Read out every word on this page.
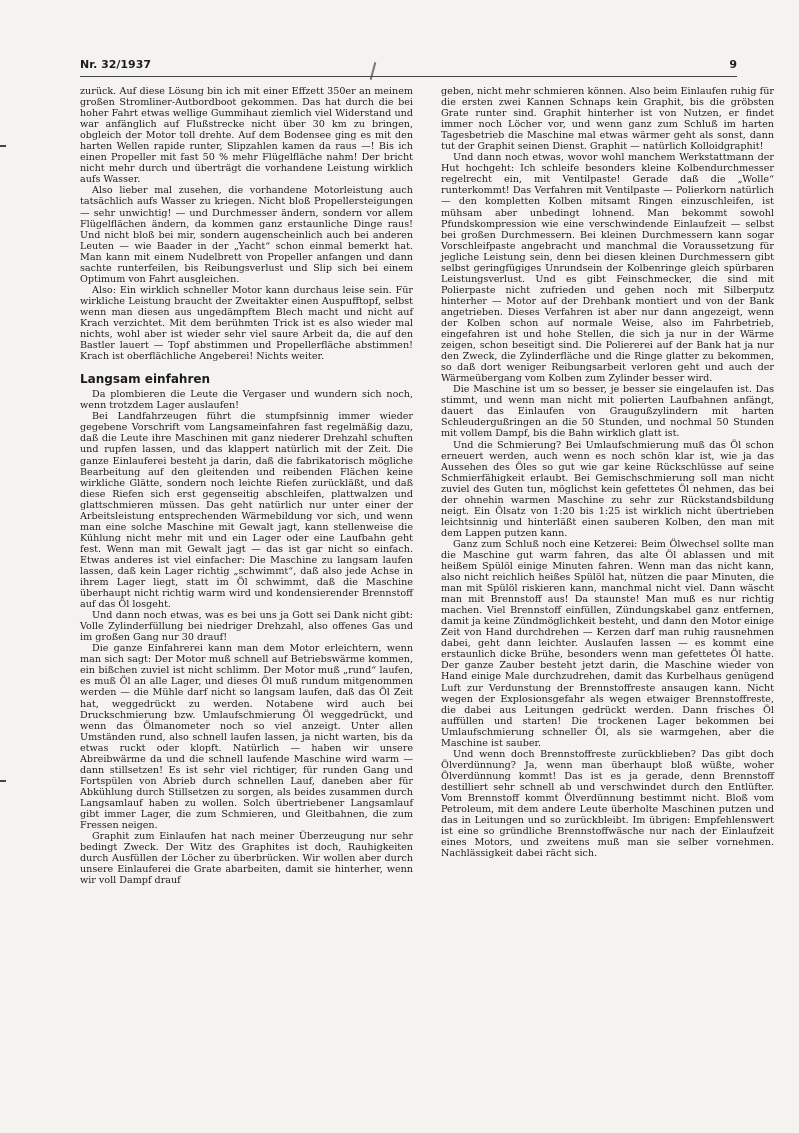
Nr. 32/1937	9

zurück. Auf diese Lösung bin ich mit einer Effzett 350er an meinem großen Stromliner-Autbordboot gekommen. Das hat durch die bei hoher Fahrt etwas wellige Gummihaut ziemlich viel Widerstand und war anfänglich auf Flußstrecke nicht über 30 km zu bringen, obgleich der Motor toll drehte. Auf dem Bodensee ging es mit den harten Wellen rapide runter, Slipzahlen kamen da raus —! Bis ich einen Propeller mit fast 50 % mehr Flügelfläche nahm! Der bricht nicht mehr durch und überträgt die vorhandene Leistung wirklich aufs Wasser.

Also lieber mal zusehen, die vorhandene Motorleistung auch tatsächlich aufs Wasser zu kriegen. Nicht bloß Propellersteigungen — sehr unwichtig! — und Durchmesser ändern, sondern vor allem Flügelflächen ändern, da kommen ganz erstaunliche Dinge raus! Und nicht bloß bei mir, sondern augenscheinlich auch bei anderen Leuten — wie Baader in der „Yacht“ schon einmal bemerkt hat. Man kann mit einem Nudelbrett von Propeller anfangen und dann sachte runterfeilen, bis Reibungsverlust und Slip sich bei einem Optimum von Fahrt ausgleichen.

Also: Ein wirklich schneller Motor kann durchaus leise sein. Für wirkliche Leistung braucht der Zweitakter einen Auspufftopf, selbst wenn man diesen aus ungedämpftem Blech macht und nicht auf Krach verzichtet. Mit dem berühmten Trick ist es also wieder mal nichts, wohl aber ist wieder sehr viel saure Arbeit da, die auf den Bastler lauert — Topf abstimmen und Propellerfläche abstimmen! Krach ist oberflächliche Angeberei! Nichts weiter.

Langsam einfahren

Da plombieren die Leute die Vergaser und wundern sich noch, wenn trotzdem Lager auslaufen!

Bei Landfahrzeugen führt die stumpfsinnig immer wieder gegebene Vorschrift vom Langsameinfahren fast regelmäßig dazu, daß die Leute ihre Maschinen mit ganz niederer Drehzahl schuften und rupfen lassen, und das klappert natürlich mit der Zeit. Die ganze Einlauferei besteht ja darin, daß die fabrikatorisch mögliche Bearbeitung auf den gleitenden und reibenden Flächen keine wirkliche Glätte, sondern noch leichte Riefen zurückläßt, und daß diese Riefen sich erst gegenseitig abschleifen, plattwalzen und glattschmieren müssen. Das geht natürlich nur unter einer der Arbeitsleistung entsprechenden Wärmebildung vor sich, und wenn man eine solche Maschine mit Gewalt jagt, kann stellenweise die Kühlung nicht mehr mit und ein Lager oder eine Laufbahn geht fest. Wenn man mit Gewalt jagt — das ist gar nicht so einfach. Etwas anderes ist viel einfacher: Die Maschine zu langsam laufen lassen, daß kein Lager richtig „schwimmt“, daß also jede Achse in ihrem Lager liegt, statt im Öl schwimmt, daß die Maschine überhaupt nicht richtig warm wird und kondensierender Brennstoff auf das Öl losgeht.

Und dann noch etwas, was es bei uns ja Gott sei Dank nicht gibt: Volle Zylinderfüllung bei niedriger Drehzahl, also offenes Gas und im großen Gang nur 30 drauf!

Die ganze Einfahrerei kann man dem Motor erleichtern, wenn man sich sagt: Der Motor muß schnell auf Betriebswärme kommen, ein bißchen zuviel ist nicht schlimm. Der Motor muß „rund“ laufen, es muß Öl an alle Lager, und dieses Öl muß rundum mitgenommen werden — die Mühle darf nicht so langsam laufen, daß das Öl Zeit hat, weggedrückt zu werden. Notabene wird auch bei Druckschmierung bzw. Umlaufschmierung Öl weggedrückt, und wenn das Ölmanometer noch so viel anzeigt. Unter allen Umständen rund, also schnell laufen lassen, ja nicht warten, bis da etwas ruckt oder klopft. Natürlich — haben wir unsere Abreibwärme da und die schnell laufende Maschine wird warm — dann stillsetzen! Es ist sehr viel richtiger, für runden Gang und Fortspülen von Abrieb durch schnellen Lauf, daneben aber für Abkühlung durch Stillsetzen zu sorgen, als beides zusammen durch Langsamlauf haben zu wollen. Solch übertriebener Langsamlauf gibt immer Lager, die zum Schmieren, und Gleitbahnen, die zum Fressen neigen.

Graphit zum Einlaufen hat nach meiner Überzeugung nur sehr bedingt Zweck. Der Witz des Graphites ist doch, Rauhigkeiten durch Ausfüllen der Löcher zu überbrücken. Wir wollen aber durch unsere Einlauferei die Grate abarbeiten, damit sie hinterher, wenn wir voll Dampf drauf

geben, nicht mehr schmieren können. Also beim Einlaufen ruhig für die ersten zwei Kannen Schnaps kein Graphit, bis die gröbsten Grate runter sind. Graphit hinterher ist von Nutzen, er findet immer noch Löcher vor, und wenn ganz zum Schluß im harten Tagesbetrieb die Maschine mal etwas wärmer geht als sonst, dann tut der Graphit seinen Dienst. Graphit — natürlich Kolloidgraphit!

Und dann noch etwas, wovor wohl manchem Werkstattmann der Hut hochgeht: Ich schleife besonders kleine Kolbendurchmesser regelrecht ein, mit Ventilpaste! Gerade daß die „Wolle“ runterkommt! Das Verfahren mit Ventilpaste — Polierkorn natürlich — den kompletten Kolben mitsamt Ringen einzuschleifen, ist mühsam aber unbedingt lohnend. Man bekommt sowohl Pfundskompression wie eine verschwindende Einlaufzeit — selbst bei großen Durchmessern. Bei kleinen Durchmessern kann sogar Vorschleifpaste angebracht und manchmal die Voraussetzung für jegliche Leistung sein, denn bei diesen kleinen Durchmessern gibt selbst geringfügiges Unrundsein der Kolbenringe gleich spürbaren Leistungsverlust. Und es gibt Feinschmecker, die sind mit Polierpaste nicht zufrieden und gehen noch mit Silberputz hinterher — Motor auf der Drehbank montiert und von der Bank angetrieben. Dieses Verfahren ist aber nur dann angezeigt, wenn der Kolben schon auf normale Weise, also im Fahrbetrieb, eingefahren ist und hohe Stellen, die sich ja nur in der Wärme zeigen, schon beseitigt sind. Die Poliererei auf der Bank hat ja nur den Zweck, die Zylinderfläche und die Ringe glatter zu bekommen, so daß dort weniger Reibungsarbeit verloren geht und auch der Wärmeübergang vom Kolben zum Zylinder besser wird.

Die Maschine ist um so besser, je besser sie eingelaufen ist. Das stimmt, und wenn man nicht mit polierten Laufbahnen anfängt, dauert das Einlaufen von Graugußzylindern mit harten Schleudergußringen an die 50 Stunden, und nochmal 50 Stunden mit vollem Dampf, bis die Bahn wirklich glatt ist.

Und die Schmierung? Bei Umlaufschmierung muß das Öl schon erneuert werden, auch wenn es noch schön klar ist, wie ja das Aussehen des Öles so gut wie gar keine Rückschlüsse auf seine Schmierfähigkeit erlaubt. Bei Gemischschmierung soll man nicht zuviel des Guten tun, möglichst kein gefettetes Öl nehmen, das bei der ohnehin warmen Maschine zu sehr zur Rückstandsbildung neigt. Ein Ölsatz von 1:20 bis 1:25 ist wirklich nicht übertrieben leichtsinnig und hinterläßt einen sauberen Kolben, den man mit dem Lappen putzen kann.

Ganz zum Schluß noch eine Ketzerei: Beim Ölwechsel sollte man die Maschine gut warm fahren, das alte Öl ablassen und mit heißem Spülöl einige Minuten fahren. Wenn man das nicht kann, also nicht reichlich heißes Spülöl hat, nützen die paar Minuten, die man mit Spülöl riskieren kann, manchmal nicht viel. Dann wäscht man mit Brennstoff aus! Da staunste! Man muß es nur richtig machen. Viel Brennstoff einfüllen, Zündungskabel ganz entfernen, damit ja keine Zündmöglichkeit besteht, und dann den Motor einige Zeit von Hand durchdrehen — Kerzen darf man ruhig rausnehmen dabei, geht dann leichter. Auslaufen lassen — es kommt eine erstaunlich dicke Brühe, besonders wenn man gefettetes Öl hatte. Der ganze Zauber besteht jetzt darin, die Maschine wieder von Hand einige Male durchzudrehen, damit das Kurbelhaus genügend Luft zur Verdunstung der Brennstoffreste ansaugen kann. Nicht wegen der Explosionsgefahr als wegen etwaiger Brennstoffreste, die dabei aus Leitungen gedrückt werden. Dann frisches Öl auffüllen und starten! Die trockenen Lager bekommen bei Umlaufschmierung schneller Öl, als sie warmgehen, aber die Maschine ist sauber.

Und wenn doch Brennstoffreste zurückblieben? Das gibt doch Ölverdünnung? Ja, wenn man überhaupt bloß wüßte, woher Ölverdünnung kommt! Das ist es ja gerade, denn Brennstoff destilliert sehr schnell ab und verschwindet durch den Entlüfter. Vom Brennstoff kommt Ölverdünnung bestimmt nicht. Bloß vom Petroleum, mit dem andere Leute überholte Maschinen putzen und das in Leitungen und so zurückbleibt. Im übrigen: Empfehlenswert ist eine so gründliche Brennstoffwäsche nur nach der Einlaufzeit eines Motors, und zweitens muß man sie selber vornehmen. Nachlässigkeit dabei rächt sich.
